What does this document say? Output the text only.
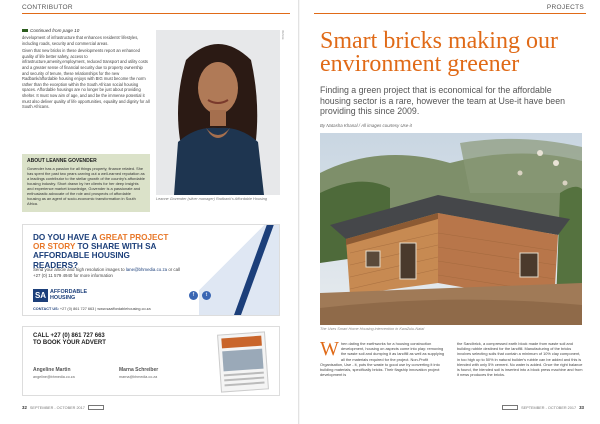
CONTRIBUTOR
Continued from page 10

development of infrastructure that enhances residents' lifestyles, including roads, security and commercial areas.

Given that new bricks in these developments report an enhanced quality of life better safety, access to infrastructure,amenity,employment, reduced transport and utility costs and a greater sense of financial security due to property ownership and security of tenure, these relationships for the new Radbank/affordable housing enjoys with BIG must become the norm rather than the exception within the South African social housing spaces. Affordable housings are no longer be just about providing shelter. It must now aim of age, and and be the immense potential it must also deliver quality of life opportunities, equality and dignity for all South Africans.

IMAGE
Leanne Govender (silver manager) Radbank's Affordable Housing
ABOUT LEANNE GOVENDER
Govender has a passion for all things property, finance related. She has spent the past two years carving out a well-earned reputation as a leadings contributor to the stellar growth of the country's affordable housing industry. Short drawn by her clients for her deep insights and experience market knowledge, Govender is a passionate and enthusiastic advocate of the role and prospects of affordable housing as an agent of socio-economic transformation in South Africa.
DO YOU HAVE A GREAT PROJECT OR STORY TO SHARE WITH SA AFFORDABLE HOUSING READERS?
Send your article and high resolution images to lane@bhmedia.co.za or call +27 (0) 11 579 4940 for more information
SA AFFORDABLE
HOUSING	f	t
CONTACT US: +27 (0) 861 727 663 | www.saaffordablehousing.co.za
CALL +27 (0) 861 727 663
TO BOOK YOUR ADVERT
Angeline Martin
angeline@bhmedia.co.za
Marna Schreiber
marna@bhmedia.co.za
32 SEPTEMBER - OCTOBER 2017
PROJECTS
Smart bricks making our environment greener
Finding a green project that is economical for the affordable housing sector is a rare, however the team at Use-it have been providing this since 2009.
By Natasha Khanal / All images courtesy Use-it
The Uses Smart Home Housing intervention in KwaZulu-Natal
When dating the earthworks for a housing construction development, housing on aspects come into play: removing the waste soil and dumping it as landfill as well as supplying all the materials required for the project. Non-Profit Organisation, Use - it, puts the waste to good use by converting it into building materials, specifically bricks. Their flagship innovation project development is
the Sandbrick, a compressed earth block made from waste soil and building rubble destined for the landfill. Manufacturing of the bricks involves selecting soils that contain a minimum of 10% clay component, in too high up to 50% in natural builder's rubble can be added and this is blended with only 5% cement. No water is added. Once the right balance is found, the blended soil is inserted into a block press machine and from it news produces the bricks.
SEPTEMBER - OCTOBER 2017 33
